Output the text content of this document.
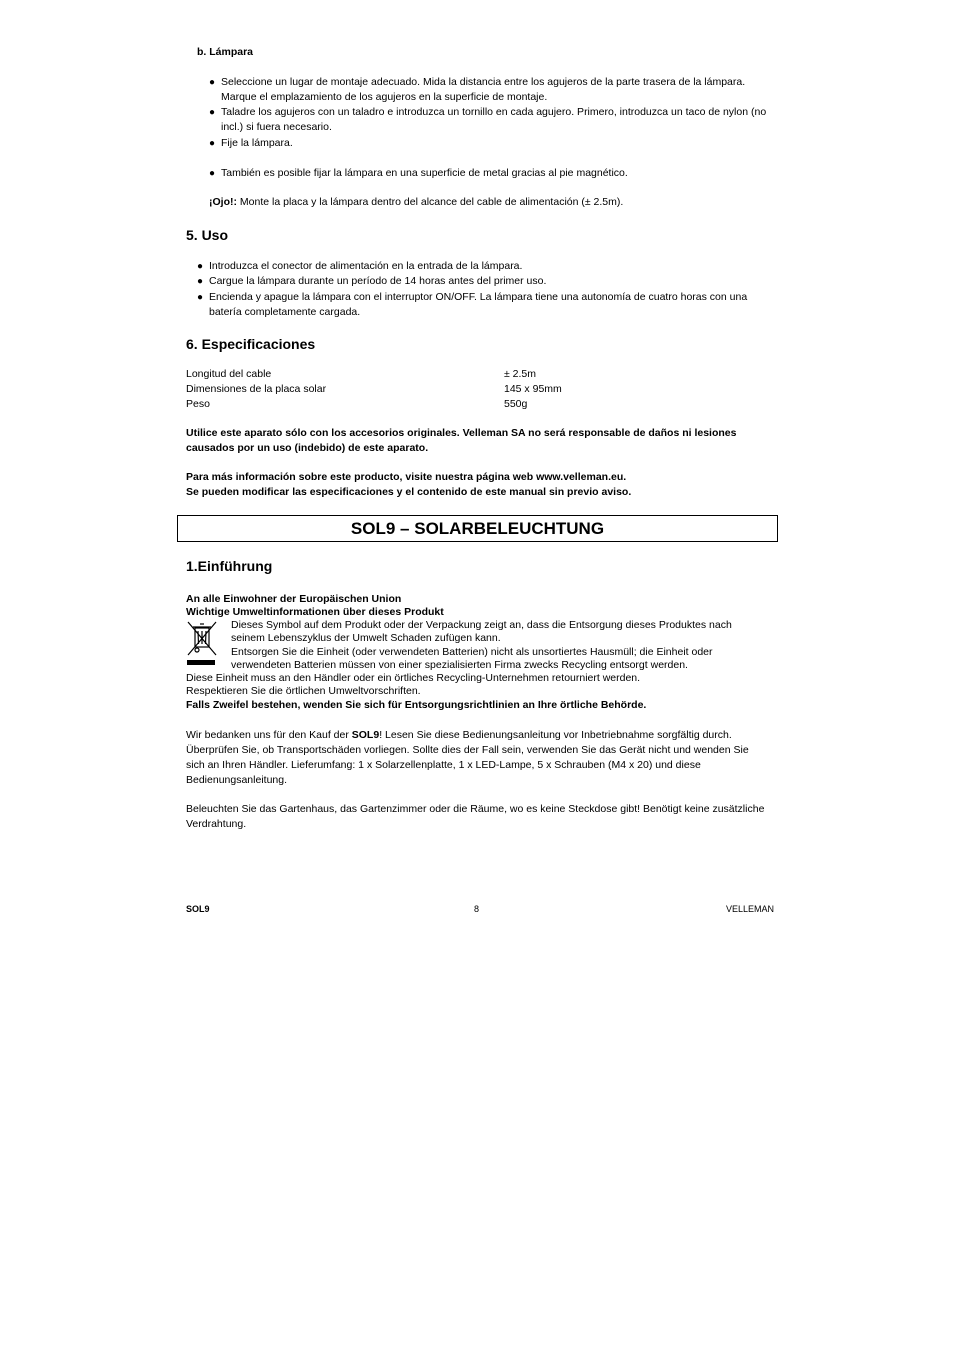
b. Lámpara
● Seleccione un lugar de montaje adecuado. Mida la distancia entre los agujeros de la parte trasera de la lámpara.
Marque el emplazamiento de los agujeros en la superficie de montaje.
● Taladre los agujeros con un taladro e introduzca un tornillo en cada agujero. Primero, introduzca un taco de nylon (no
incl.) si fuera necesario.
● Fije la lámpara.
● También es posible fijar la lámpara en una superficie de metal gracias al pie magnético.
¡Ojo!: Monte la placa y la lámpara dentro del alcance del cable de alimentación (± 2.5m).
5. Uso
● Introduzca el conector de alimentación en la entrada de la lámpara.
● Cargue la lámpara durante un período de 14 horas antes del primer uso.
● Encienda y apague la lámpara con el interruptor ON/OFF. La lámpara tiene una autonomía de cuatro horas con una
batería completamente cargada.
6. Especificaciones
Longitud del cable	± 2.5m
Dimensiones de la placa solar	145 x 95mm
Peso	550g
Utilice este aparato sólo con los accesorios originales. Velleman SA no será responsable de daños ni lesiones
causados por un uso (indebido) de este aparato.
Para más información sobre este producto, visite nuestra página web www.velleman.eu.
Se pueden modificar las especificaciones y el contenido de este manual sin previo aviso.
SOL9 – SOLARBELEUCHTUNG
1.Einführung
An alle Einwohner der Europäischen Union
Wichtige Umweltinformationen über dieses Produkt
Dieses Symbol auf dem Produkt oder der Verpackung zeigt an, dass die Entsorgung dieses Produktes nach
seinem Lebenszyklus der Umwelt Schaden zufügen kann.
Entsorgen Sie die Einheit (oder verwendeten Batterien) nicht als unsortiertes Hausmüll; die Einheit oder
verwendeten Batterien müssen von einer spezialisierten Firma zwecks Recycling entsorgt werden.
Diese Einheit muss an den Händler oder ein örtliches Recycling-Unternehmen retourniert werden.
Respektieren Sie die örtlichen Umweltvorschriften.
Falls Zweifel bestehen, wenden Sie sich für Entsorgungsrichtlinien an Ihre örtliche Behörde.
Wir bedanken uns für den Kauf der SOL9! Lesen Sie diese Bedienungsanleitung vor Inbetriebnahme sorgfältig durch.
Überprüfen Sie, ob Transportschäden vorliegen. Sollte dies der Fall sein, verwenden Sie das Gerät nicht und wenden Sie
sich an Ihren Händler. Lieferumfang: 1 x Solarzellenplatte, 1 x LED-Lampe, 5 x Schrauben (M4 x 20) und diese
Bedienungsanleitung.
Beleuchten Sie das Gartenhaus, das Gartenzimmer oder die Räume, wo es keine Steckdose gibt! Benötigt keine zusätzliche
Verdrahtung.
SOL9	8	VELLEMAN
